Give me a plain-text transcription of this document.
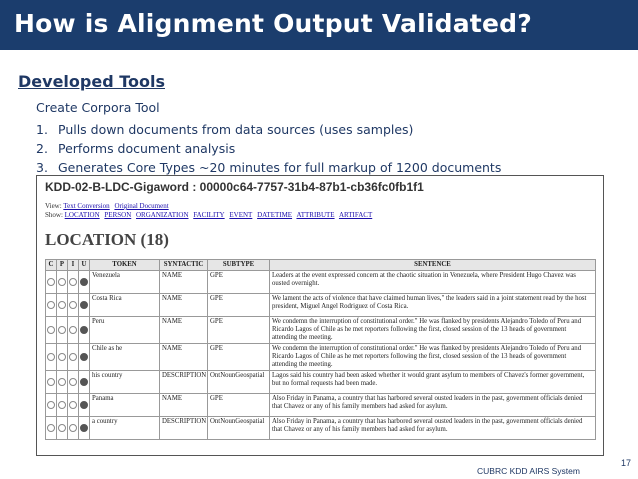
How is Alignment Output Validated?
Developed Tools
Create Corpora Tool
1. Pulls down documents from data sources (uses samples)
2. Performs document analysis
3. Generates Core Types ~20 minutes for full markup of 1200 documents
KDD-02-B-LDC-Gigaword : 00000c64-7757-31b4-87b1-cb36fc0fb1f1
View: Text Conversion Original Document
Show: LOCATION PERSON ORGANIZATION FACILITY EVENT DATETIME ATTRIBUTE ARTIFACT
LOCATION (18)
C	P	I	U	TOKEN	SYNTACTIC	SUBTYPE	SENTENCE
				Venezuela	NAME	GPE	Leaders at the event expressed concern at the chaotic situation in Venezuela, where President Hugo Chavez was ousted overnight.
				Costa Rica	NAME	GPE	We lament the acts of violence that have claimed human lives," the leaders said in a joint statement read by the host president, Miguel Angel Rodriguez of Costa Rica.
				Peru	NAME	GPE	We condemn the interruption of constitutional order." He was flanked by presidents Alejandro Toledo of Peru and Ricardo Lagos of Chile as he met reporters following the first, closed session of the 13 heads of government attending the meeting.
				Chile as he	NAME	GPE	We condemn the interruption of constitutional order." He was flanked by presidents Alejandro Toledo of Peru and Ricardo Lagos of Chile as he met reporters following the first, closed session of the 13 heads of government attending the meeting.
				his country	DESCRIPTION	OntNounGeospatial	Lagos said his country had been asked whether it would grant asylum to members of Chavez's former government, but no formal requests had been made.
				Panama	NAME	GPE	Also Friday in Panama, a country that has harbored several ousted leaders in the past, government officials denied that Chavez or any of his family members had asked for asylum.
				a country	DESCRIPTION	OntNounGeospatial	Also Friday in Panama, a country that has harbored several ousted leaders in the past, government officials denied that Chavez or any of his family members had asked for asylum.
CUBRC KDD AIRS System
17
